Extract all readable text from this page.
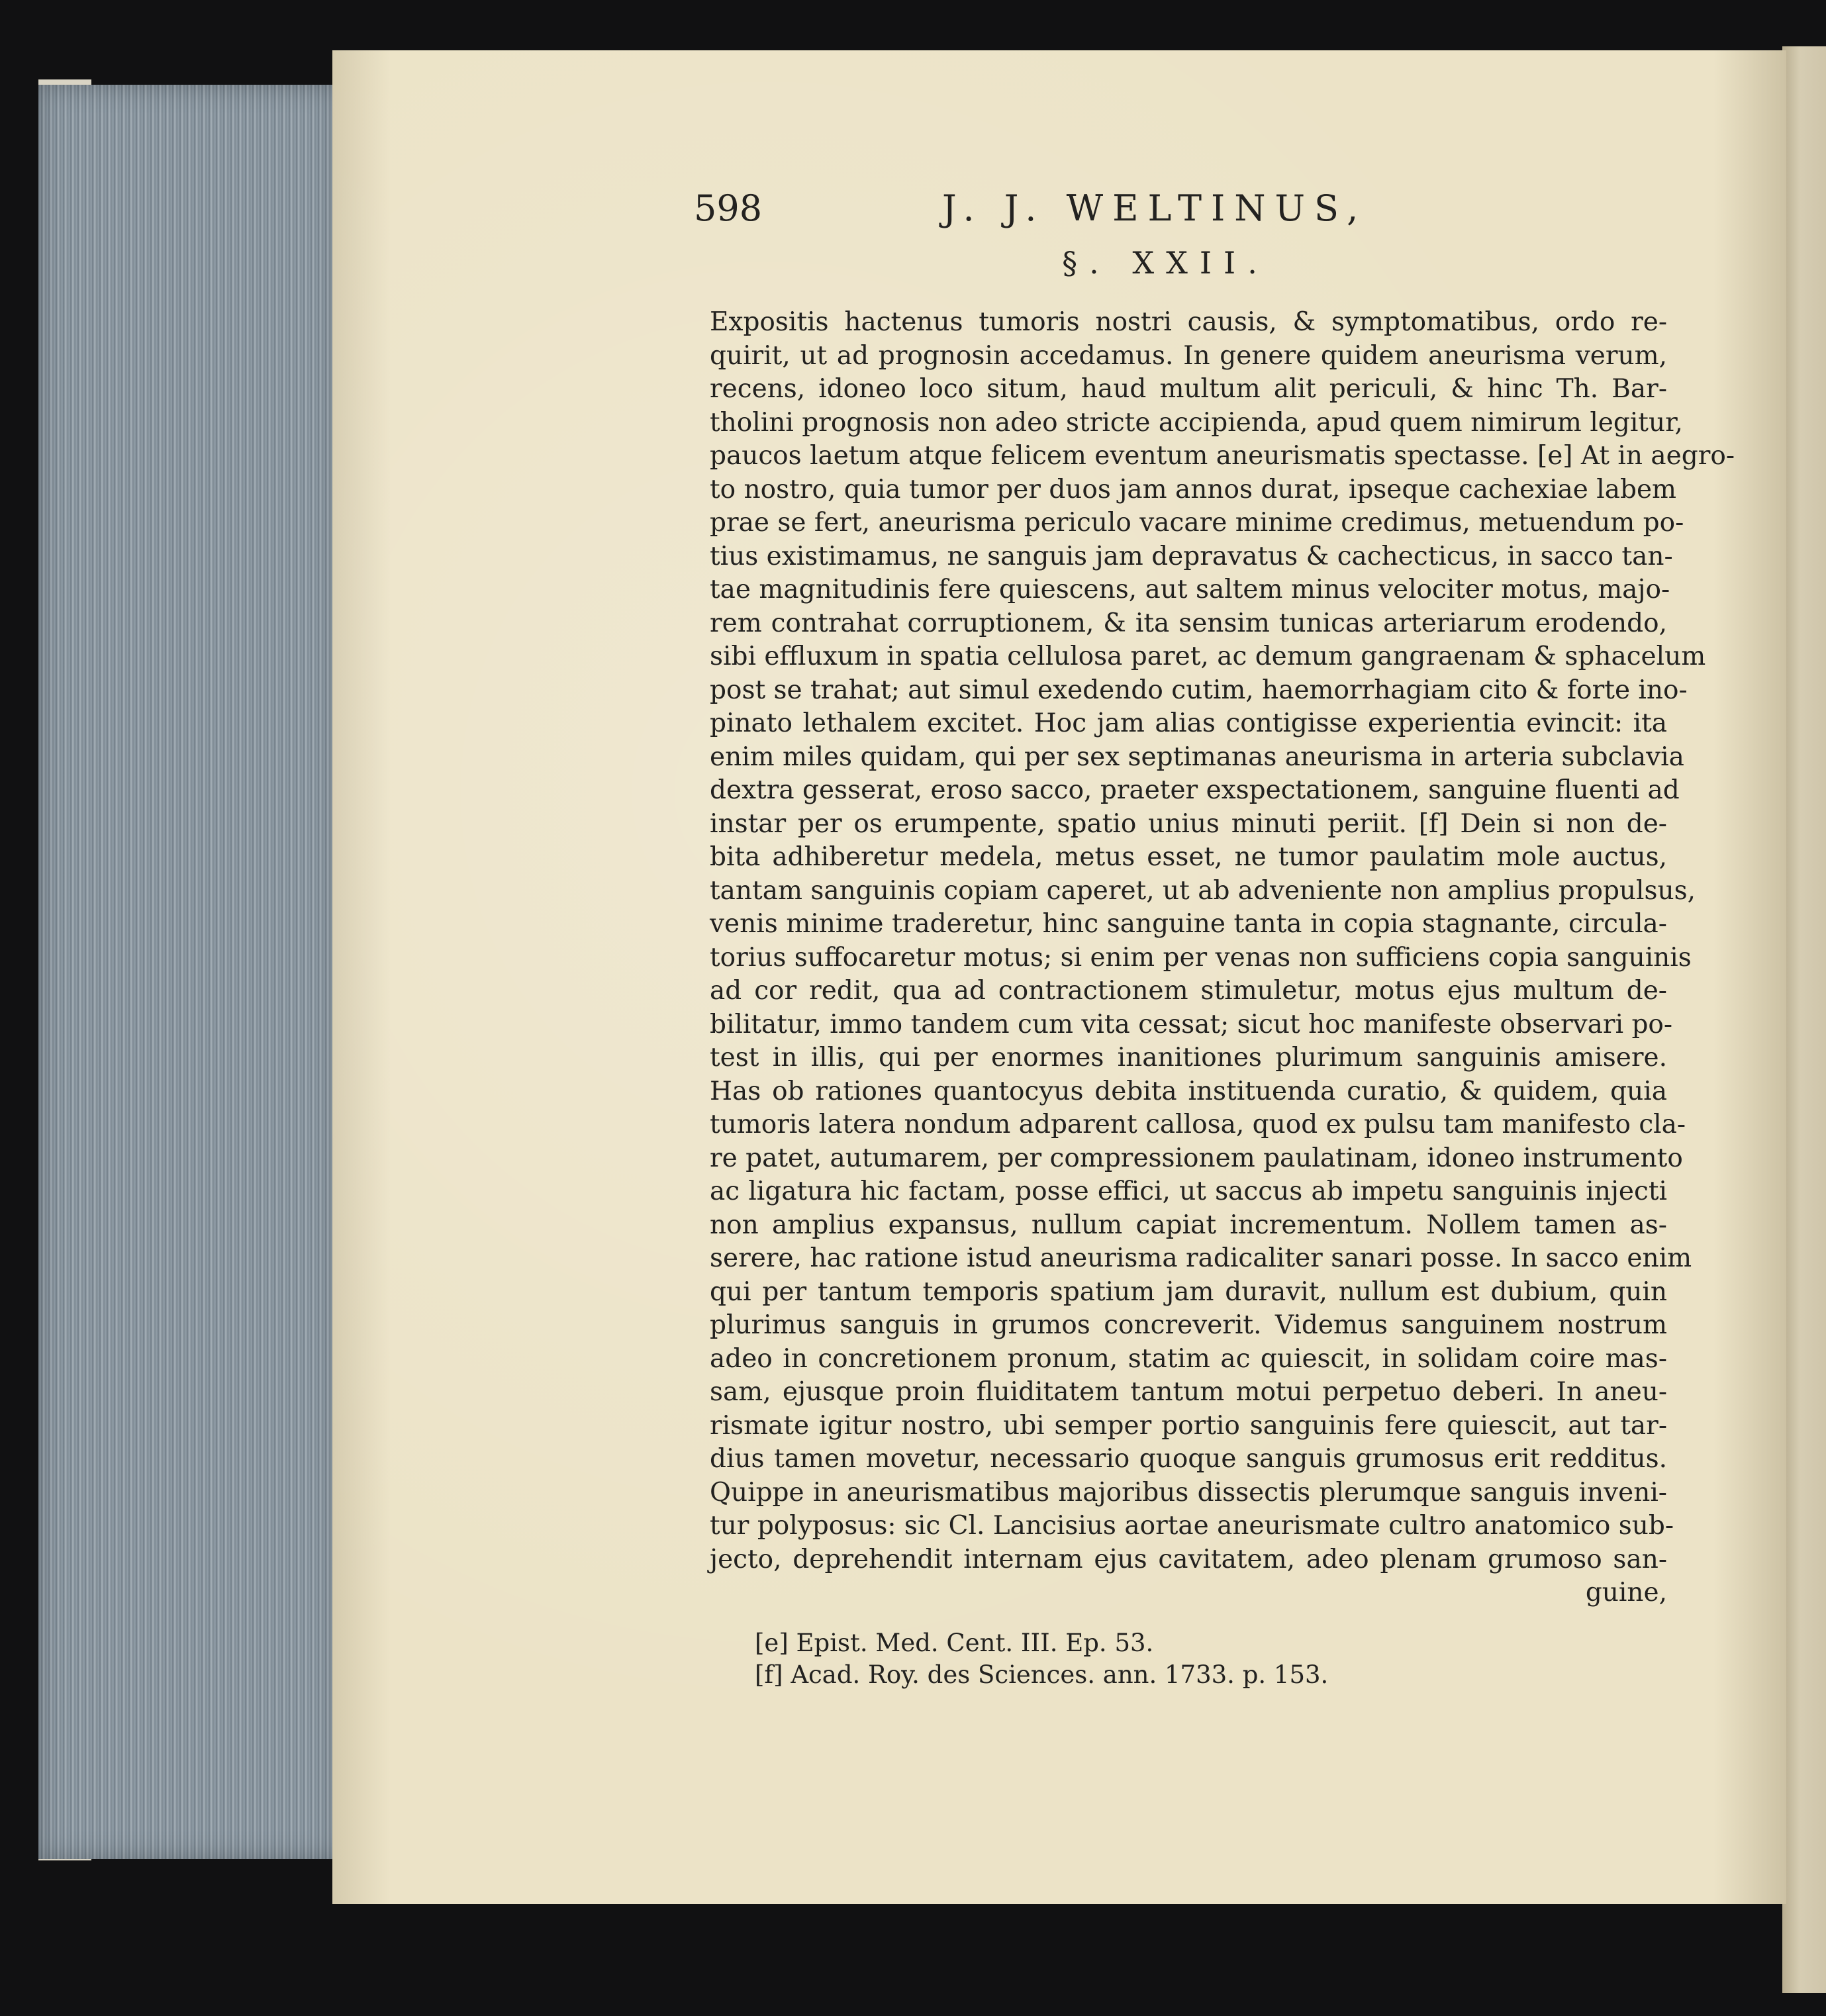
598	J. J. WELTINUS,
§. XXII.
Expositis hactenus tumoris nostri causis, & symptomatibus, ordo re-
quirit, ut ad prognosin accedamus. In genere quidem aneurisma verum,
recens, idoneo loco situm, haud multum alit periculi, & hinc Th. Bar-
tholini prognosis non adeo stricte accipienda, apud quem nimirum legitur,
paucos laetum atque felicem eventum aneurismatis spectasse. [e] At in aegro-
to nostro, quia tumor per duos jam annos durat, ipseque cachexiae labem
prae se fert, aneurisma periculo vacare minime credimus, metuendum po-
tius existimamus, ne sanguis jam depravatus & cachecticus, in sacco tan-
tae magnitudinis fere quiescens, aut saltem minus velociter motus, majo-
rem contrahat corruptionem, & ita sensim tunicas arteriarum erodendo,
sibi effluxum in spatia cellulosa paret, ac demum gangraenam & sphacelum
post se trahat; aut simul exedendo cutim, haemorrhagiam cito & forte ino-
pinato lethalem excitet. Hoc jam alias contigisse experientia evincit: ita
enim miles quidam, qui per sex septimanas aneurisma in arteria subclavia
dextra gesserat, eroso sacco, praeter exspectationem, sanguine fluenti ad
instar per os erumpente, spatio unius minuti periit. [f] Dein si non de-
bita adhiberetur medela, metus esset, ne tumor paulatim mole auctus,
tantam sanguinis copiam caperet, ut ab adveniente non amplius propulsus,
venis minime traderetur, hinc sanguine tanta in copia stagnante, circula-
torius suffocaretur motus; si enim per venas non sufficiens copia sanguinis
ad cor redit, qua ad contractionem stimuletur, motus ejus multum de-
bilitatur, immo tandem cum vita cessat; sicut hoc manifeste observari po-
test in illis, qui per enormes inanitiones plurimum sanguinis amisere.
Has ob rationes quantocyus debita instituenda curatio, & quidem, quia
tumoris latera nondum adparent callosa, quod ex pulsu tam manifesto cla-
re patet, autumarem, per compressionem paulatinam, idoneo instrumento
ac ligatura hic factam, posse effici, ut saccus ab impetu sanguinis injecti
non amplius expansus, nullum capiat incrementum. Nollem tamen as-
serere, hac ratione istud aneurisma radicaliter sanari posse. In sacco enim
qui per tantum temporis spatium jam duravit, nullum est dubium, quin
plurimus sanguis in grumos concreverit. Videmus sanguinem nostrum
adeo in concretionem pronum, statim ac quiescit, in solidam coire mas-
sam, ejusque proin fluiditatem tantum motui perpetuo deberi. In aneu-
rismate igitur nostro, ubi semper portio sanguinis fere quiescit, aut tar-
dius tamen movetur, necessario quoque sanguis grumosus erit redditus.
Quippe in aneurismatibus majoribus dissectis plerumque sanguis inveni-
tur polyposus: sic Cl. Lancisius aortae aneurismate cultro anatomico sub-
jecto, deprehendit internam ejus cavitatem, adeo plenam grumoso san-
guine,
[e] Epist. Med. Cent. III. Ep. 53.
[f] Acad. Roy. des Sciences. ann. 1733. p. 153.
